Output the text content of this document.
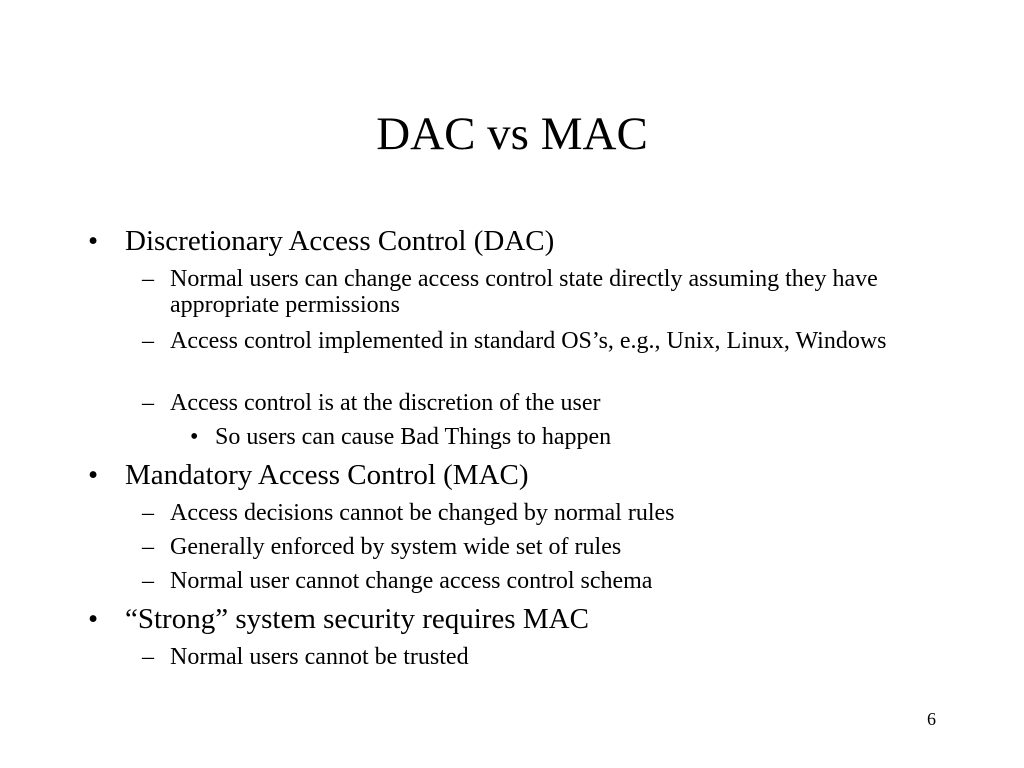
DAC vs MAC
• Discretionary Access Control (DAC)
– Normal users can change access control state directly assuming they have appropriate permissions
– Access control implemented in standard OS’s, e.g., Unix, Linux, Windows
– Access control is at the discretion of the user
• So users can cause Bad Things to happen
• Mandatory Access Control (MAC)
– Access decisions cannot be changed by normal rules
– Generally enforced by system wide set of rules
– Normal user cannot change access control schema
• “Strong” system security requires MAC
– Normal users cannot be trusted
6
